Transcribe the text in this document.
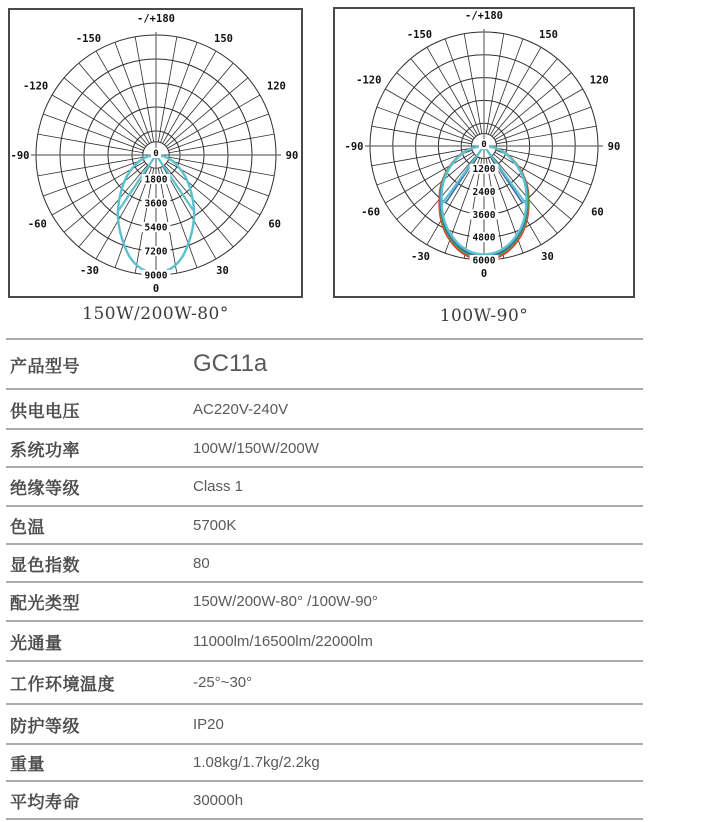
0
1800
3600
5400
7200
9000
0
30
-30
60
-60
90
-90
120
-120
150
-150
-/+180
0
1200
2400
3600
4800
6000
0
30
-30
60
-60
90
-90
120
-120
150
-150
-/+180
150W/200W-80°	100W-90°
产品型号	GC11a
供电电压	AC220V-240V
系统功率	100W/150W/200W
绝缘等级	Class 1
色温	5700K
显色指数	80
配光类型	150W/200W-80° /100W-90°
光通量	11000lm/16500lm/22000lm
工作环境温度	-25°~30°
防护等级	IP20
重量	1.08kg/1.7kg/2.2kg
平均寿命	30000h
